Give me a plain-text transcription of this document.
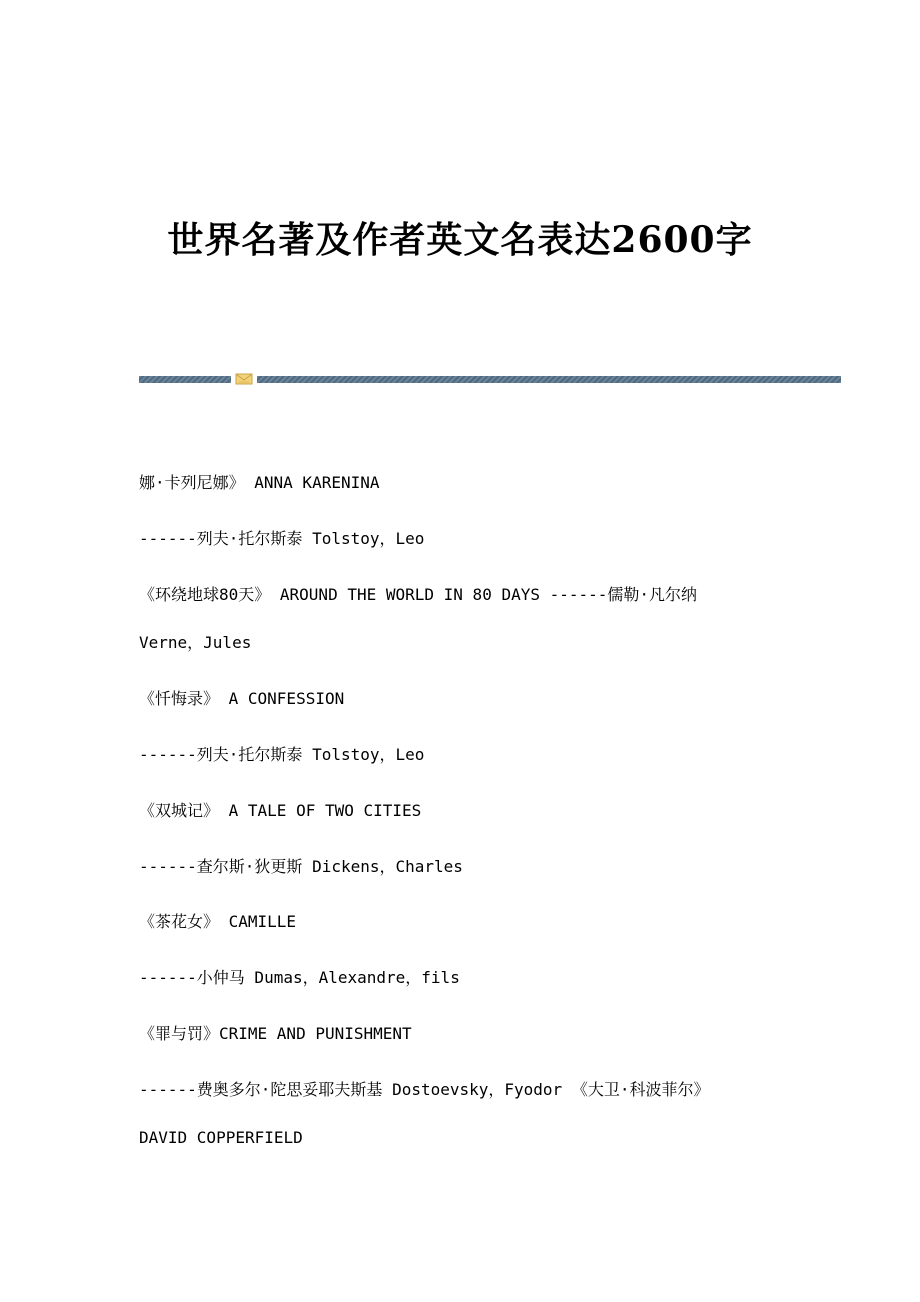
世界名著及作者英文名表达2600字

娜·卡列尼娜》 ANNA KARENINA

------列夫·托尔斯泰 Tolstoy，Leo

《环绕地球80天》 AROUND THE WORLD IN 80 DAYS ------儒勒·凡尔纳

Verne，Jules

《忏悔录》 A CONFESSION

------列夫·托尔斯泰 Tolstoy，Leo

《双城记》 A TALE OF TWO CITIES

------查尔斯·狄更斯 Dickens，Charles

《茶花女》 CAMILLE

------小仲马 Dumas，Alexandre，fils

《罪与罚》CRIME AND PUNISHMENT

------费奥多尔·陀思妥耶夫斯基 Dostoevsky，Fyodor 《大卫·科波菲尔》

DAVID COPPERFIELD
